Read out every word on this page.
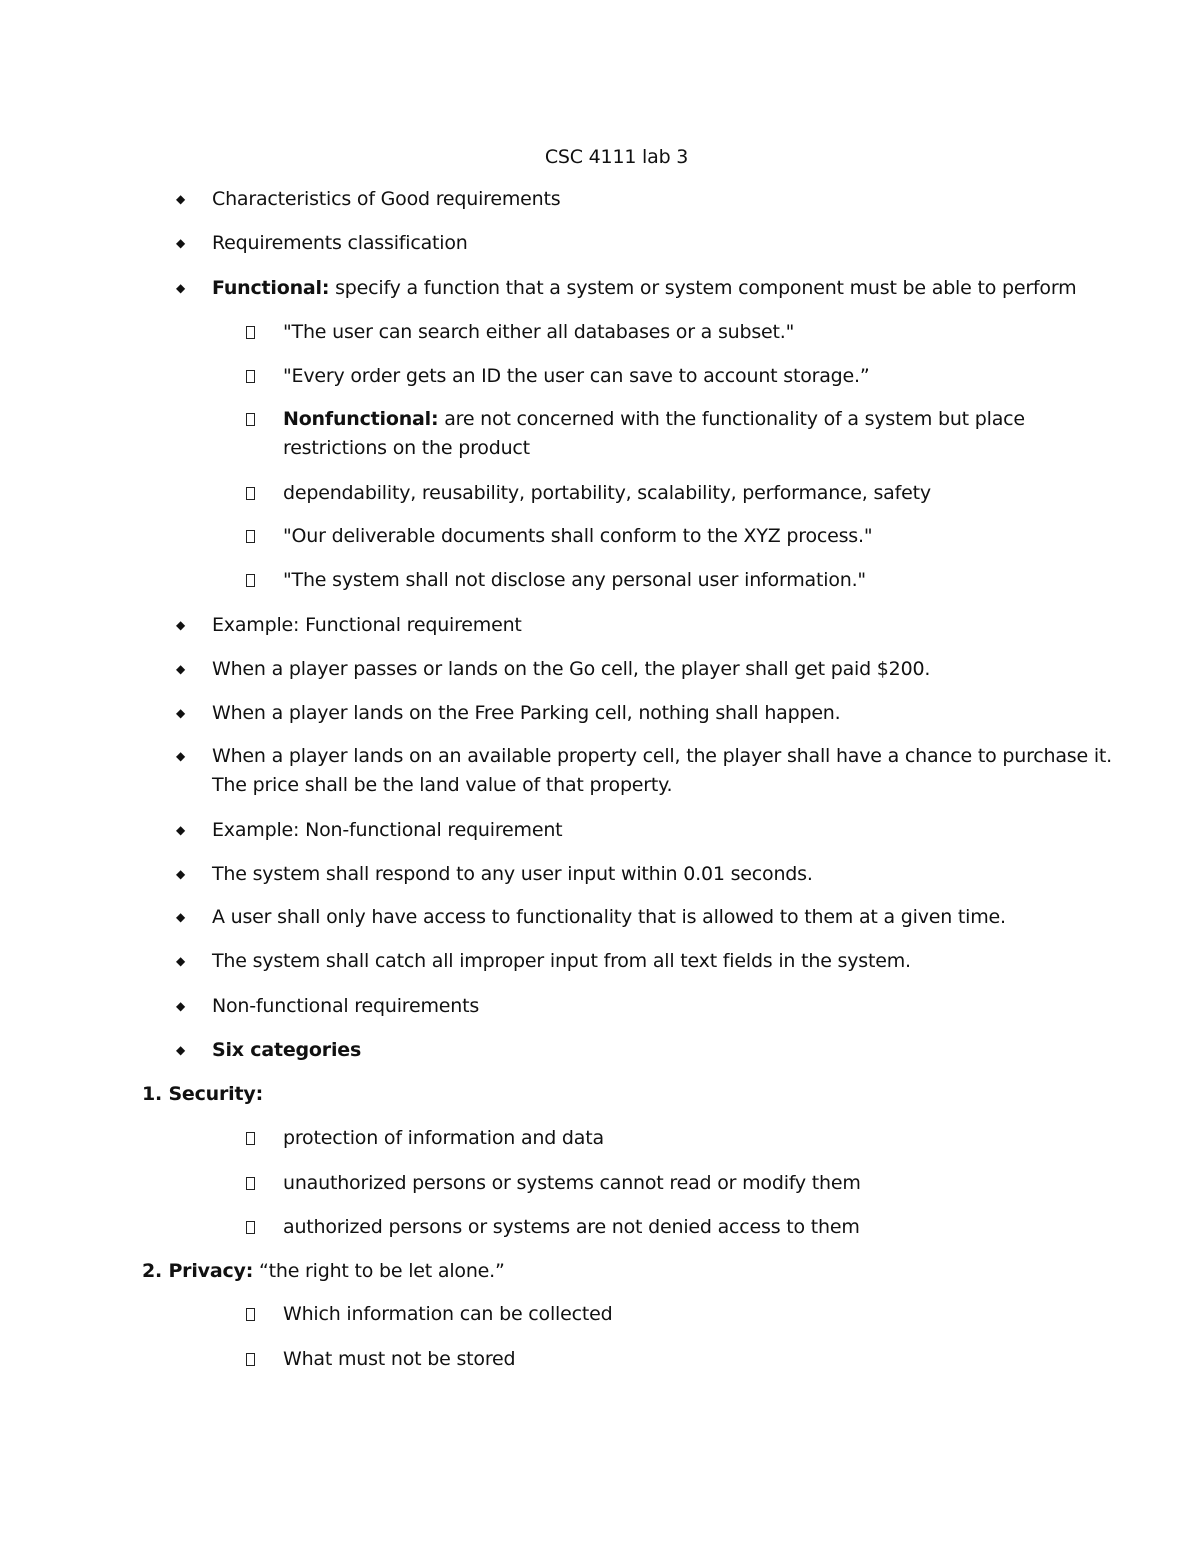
CSC 4111 lab 3
◆ Characteristics of Good requirements
◆ Requirements classification
◆ Functional: specify a function that a system or system component must be able to perform
"The user can search either all databases or a subset."
"Every order gets an ID the user can save to account storage.”
Nonfunctional: are not concerned with the functionality of a system but place
restrictions on the product
dependability, reusability, portability, scalability, performance, safety
"Our deliverable documents shall conform to the XYZ process."
"The system shall not disclose any personal user information."
◆ Example: Functional requirement
◆ When a player passes or lands on the Go cell, the player shall get paid $200.
◆ When a player lands on the Free Parking cell, nothing shall happen.
◆ When a player lands on an available property cell, the player shall have a chance to purchase it.
The price shall be the land value of that property.
◆ Example: Non-functional requirement
◆ The system shall respond to any user input within 0.01 seconds.
◆ A user shall only have access to functionality that is allowed to them at a given time.
◆ The system shall catch all improper input from all text fields in the system.
◆ Non-functional requirements
◆ Six categories
1. Security:
protection of information and data
unauthorized persons or systems cannot read or modify them
authorized persons or systems are not denied access to them
2. Privacy: “the right to be let alone.”
Which information can be collected
What must not be stored
